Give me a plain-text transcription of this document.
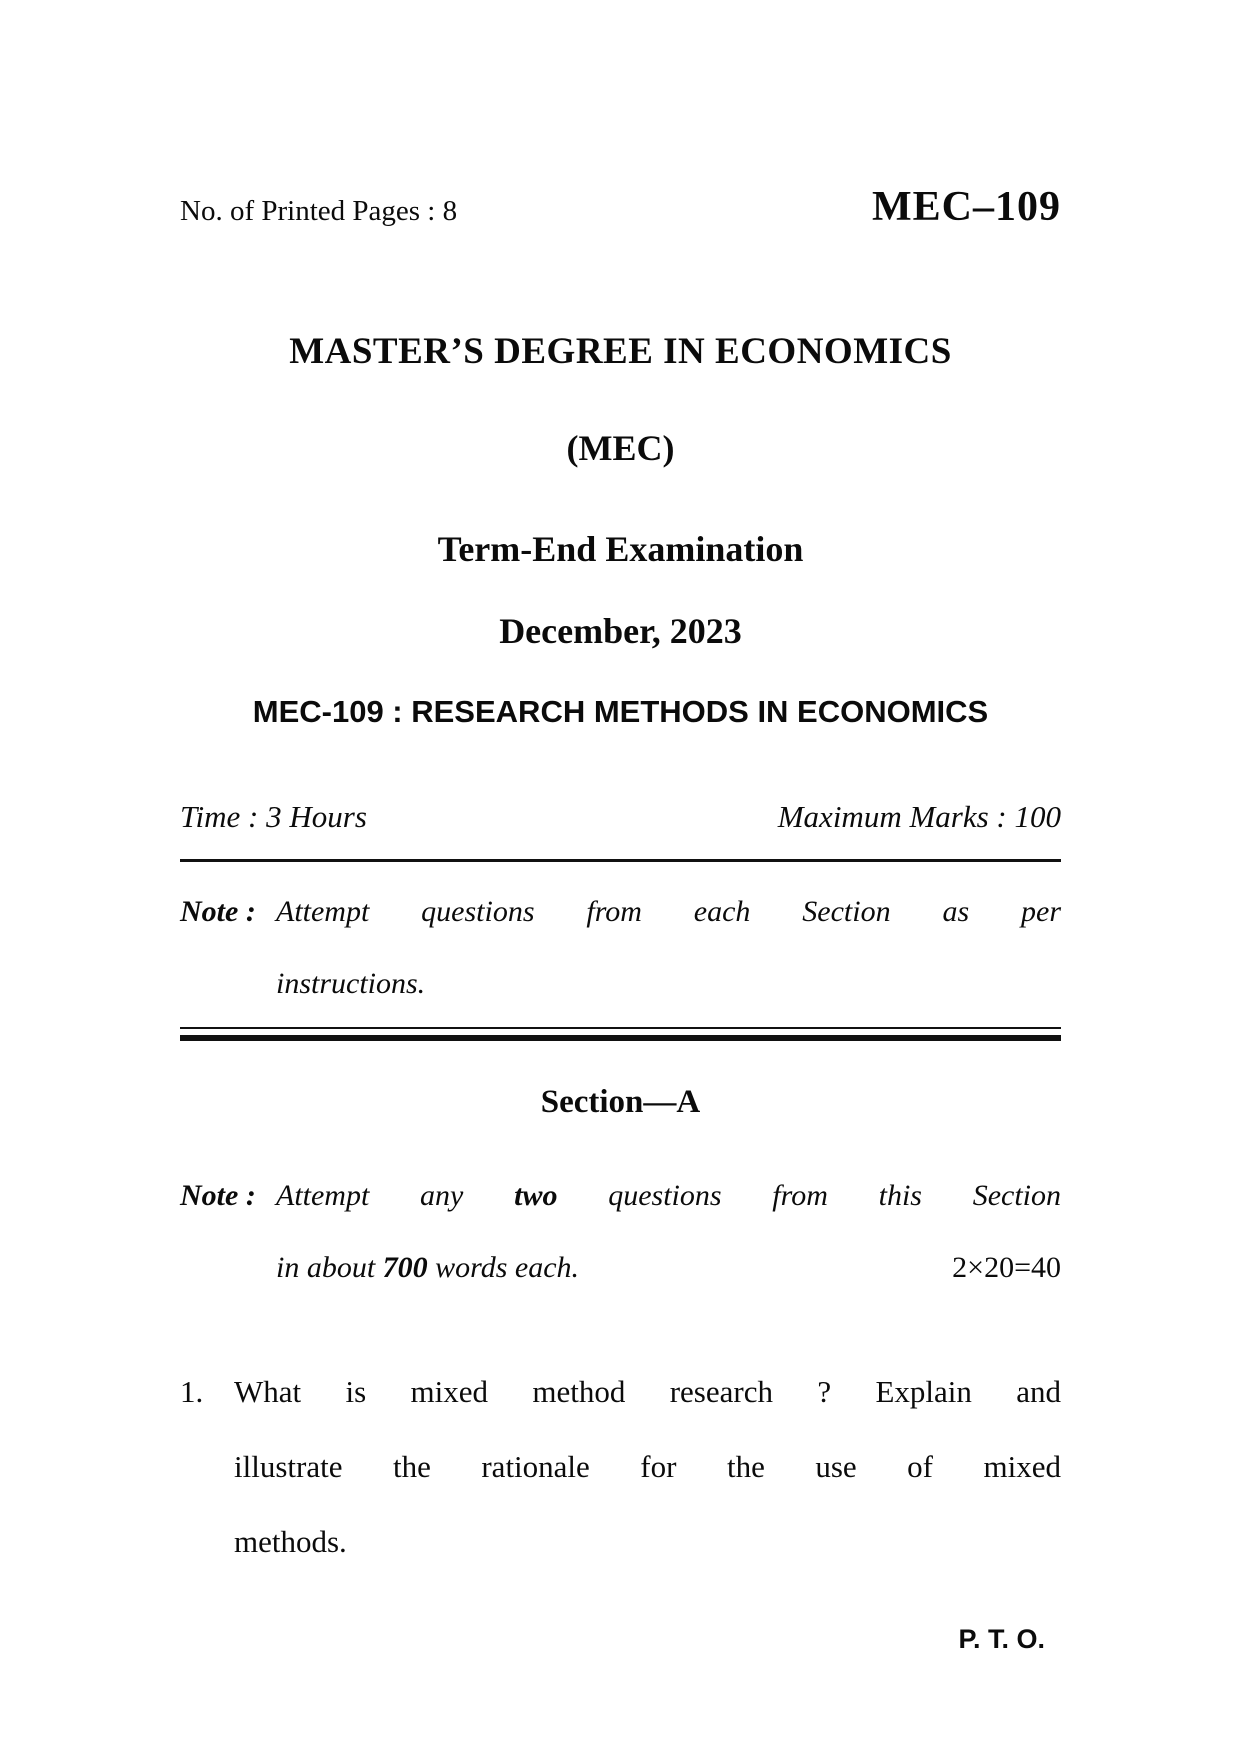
No. of Printed Pages : 8	MEC–109
MASTER’S DEGREE IN ECONOMICS
(MEC)
Term-End Examination
December, 2023
MEC-109 : RESEARCH METHODS IN ECONOMICS
Time : 3 Hours	Maximum Marks : 100
Note : Attempt questions from each Section as per
instructions.
Section—A
Note : Attempt any two questions from this Section
in about 700 words each.	2×20=40
1. What is mixed method research ? Explain and
illustrate the rationale for the use of mixed
methods.
P. T. O.
